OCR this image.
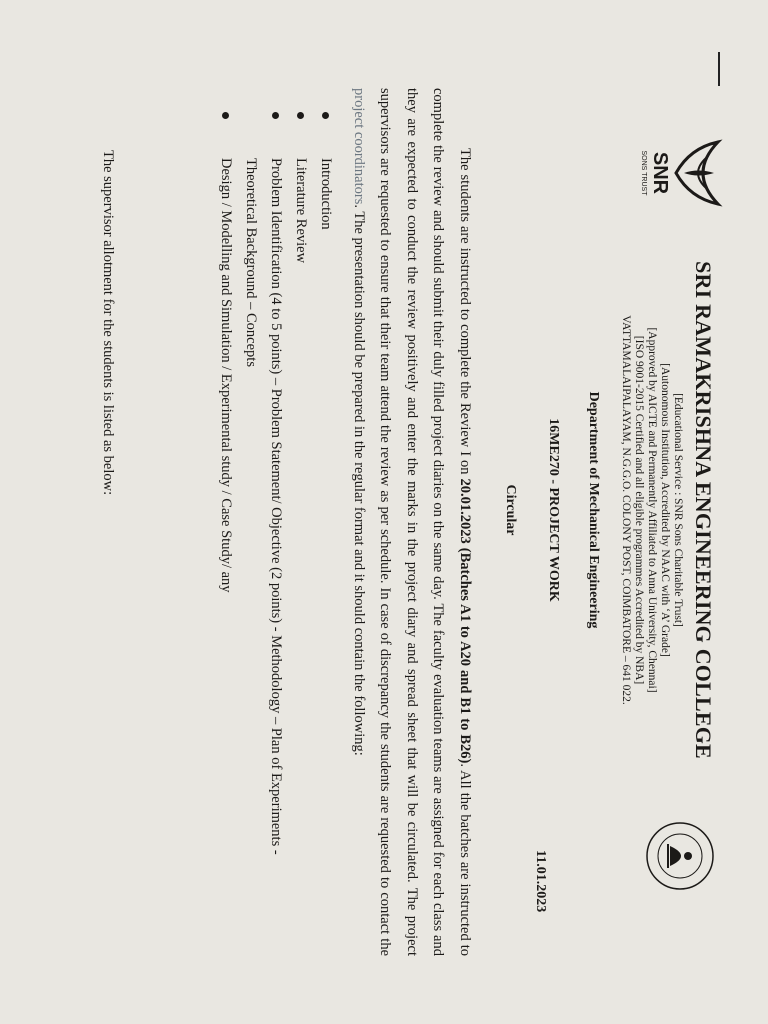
SNR
SONS TRUST
SRI RAMAKRISHNA ENGINEERING COLLEGE
[Educational Service : SNR Sons Charitable Trust]
[Autonomous Institution, Accredited by NAAC with ‘A’ Grade]
[Approved by AICTE and Permanently Affiliated to Anna University, Chennai]
[ISO 9001-2015 Certified and all eligible programmes Accredited by NBA]
VATTAMALAIPALAYAM, N.G.G.O. COLONY POST, COIMBATORE – 641 022.
Department of Mechanical Engineering
16ME270 - PROJECT WORK
11.01.2023
Circular

The students are instructed to complete the Review I on 20.01.2023 (Batches A1 to A20 and B1 to B26). All the batches are instructed to complete the review and should submit their duly filled project diaries on the same day. The faculty evaluation teams are assigned for each class and they are expected to conduct the review positively and enter the marks in the project diary and spread sheet that will be circulated. The project supervisors are requested to ensure that their team attend the review as per schedule. In case of discrepancy the students are requested to contact the project coordinators. The presentation should be prepared in the regular format and it should contain the following:

Introduction
Literature Review
Problem Identification (4 to 5 points) – Problem Statement/ Objective (2 points) - Methodology – Plan of Experiments -
Theoretical Background – Concepts
Design / Modelling and Simulation / Experimental study / Case Study/ any
The supervisor allotment for the students is listed as below:
